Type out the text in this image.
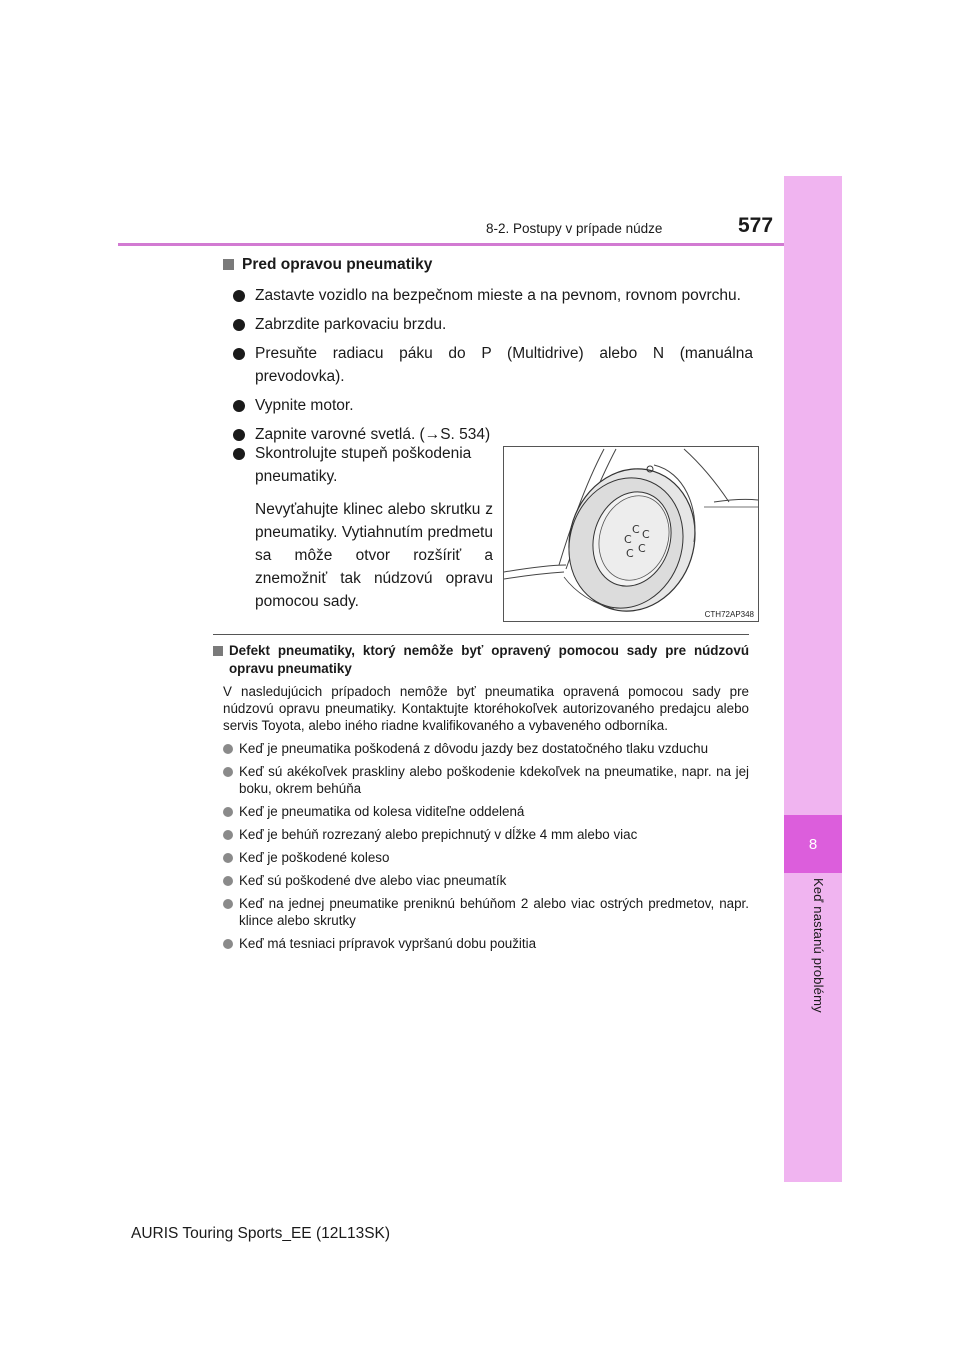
8-2. Postupy v prípade núdze	577
8
Keď nastanú problémy
Pred opravou pneumatiky
Zastavte vozidlo na bezpečnom mieste a na pevnom, rovnom povrchu.
Zabrzdite parkovaciu brzdu.
Presuňte radiacu páku do P (Multidrive) alebo N (manuálna prevodovka).
Vypnite motor.
Zapnite varovné svetlá. (→S. 534)
Skontrolujte stupeň poškodenia pneumatiky.
Nevyťahujte klinec alebo skrutku z pneumatiky. Vytiahnutím predmetu sa môže otvor rozšíriť a znemožniť tak núdzovú opravu pomocou sady.
C C
C
C
C
CTH72AP348
Defekt pneumatiky, ktorý nemôže byť opravený pomocou sady pre núdzovú opravu pneumatiky
V nasledujúcich prípadoch nemôže byť pneumatika opravená pomocou sady pre núdzovú opravu pneumatiky. Kontaktujte ktoréhokoľvek autorizovaného predajcu alebo servis Toyota, alebo iného riadne kvalifikovaného a vybaveného odborníka.
Keď je pneumatika poškodená z dôvodu jazdy bez dostatočného tlaku vzduchu
Keď sú akékoľvek praskliny alebo poškodenie kdekoľvek na pneumatike, napr. na jej boku, okrem behúňa
Keď je pneumatika od kolesa viditeľne oddelená
Keď je behúň rozrezaný alebo prepichnutý v dĺžke 4 mm alebo viac
Keď je poškodené koleso
Keď sú poškodené dve alebo viac pneumatík
Keď na jednej pneumatike preniknú behúňom 2 alebo viac ostrých predmetov, napr. klince alebo skrutky
Keď má tesniaci prípravok vypršanú dobu použitia
AURIS Touring Sports_EE (12L13SK)
